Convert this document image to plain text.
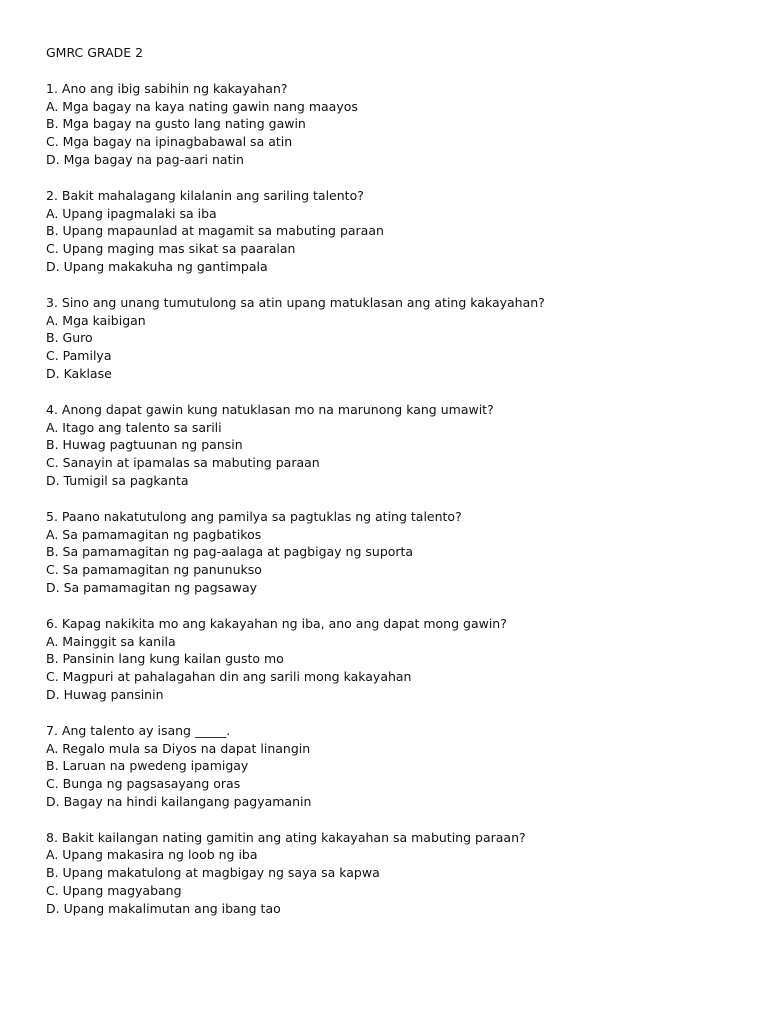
GMRC GRADE 2
1. Ano ang ibig sabihin ng kakayahan?
A. Mga bagay na kaya nating gawin nang maayos
B. Mga bagay na gusto lang nating gawin
C. Mga bagay na ipinagbabawal sa atin
D. Mga bagay na pag-aari natin
2. Bakit mahalagang kilalanin ang sariling talento?
A. Upang ipagmalaki sa iba
B. Upang mapaunlad at magamit sa mabuting paraan
C. Upang maging mas sikat sa paaralan
D. Upang makakuha ng gantimpala
3. Sino ang unang tumutulong sa atin upang matuklasan ang ating kakayahan?
A. Mga kaibigan
B. Guro
C. Pamilya
D. Kaklase
4. Anong dapat gawin kung natuklasan mo na marunong kang umawit?
A. Itago ang talento sa sarili
B. Huwag pagtuunan ng pansin
C. Sanayin at ipamalas sa mabuting paraan
D. Tumigil sa pagkanta
5. Paano nakatutulong ang pamilya sa pagtuklas ng ating talento?
A. Sa pamamagitan ng pagbatikos
B. Sa pamamagitan ng pag-aalaga at pagbigay ng suporta
C. Sa pamamagitan ng panunukso
D. Sa pamamagitan ng pagsaway
6. Kapag nakikita mo ang kakayahan ng iba, ano ang dapat mong gawin?
A. Mainggit sa kanila
B. Pansinin lang kung kailan gusto mo
C. Magpuri at pahalagahan din ang sarili mong kakayahan
D. Huwag pansinin
7. Ang talento ay isang _____.
A. Regalo mula sa Diyos na dapat linangin
B. Laruan na pwedeng ipamigay
C. Bunga ng pagsasayang oras
D. Bagay na hindi kailangang pagyamanin
8. Bakit kailangan nating gamitin ang ating kakayahan sa mabuting paraan?
A. Upang makasira ng loob ng iba
B. Upang makatulong at magbigay ng saya sa kapwa
C. Upang magyabang
D. Upang makalimutan ang ibang tao
